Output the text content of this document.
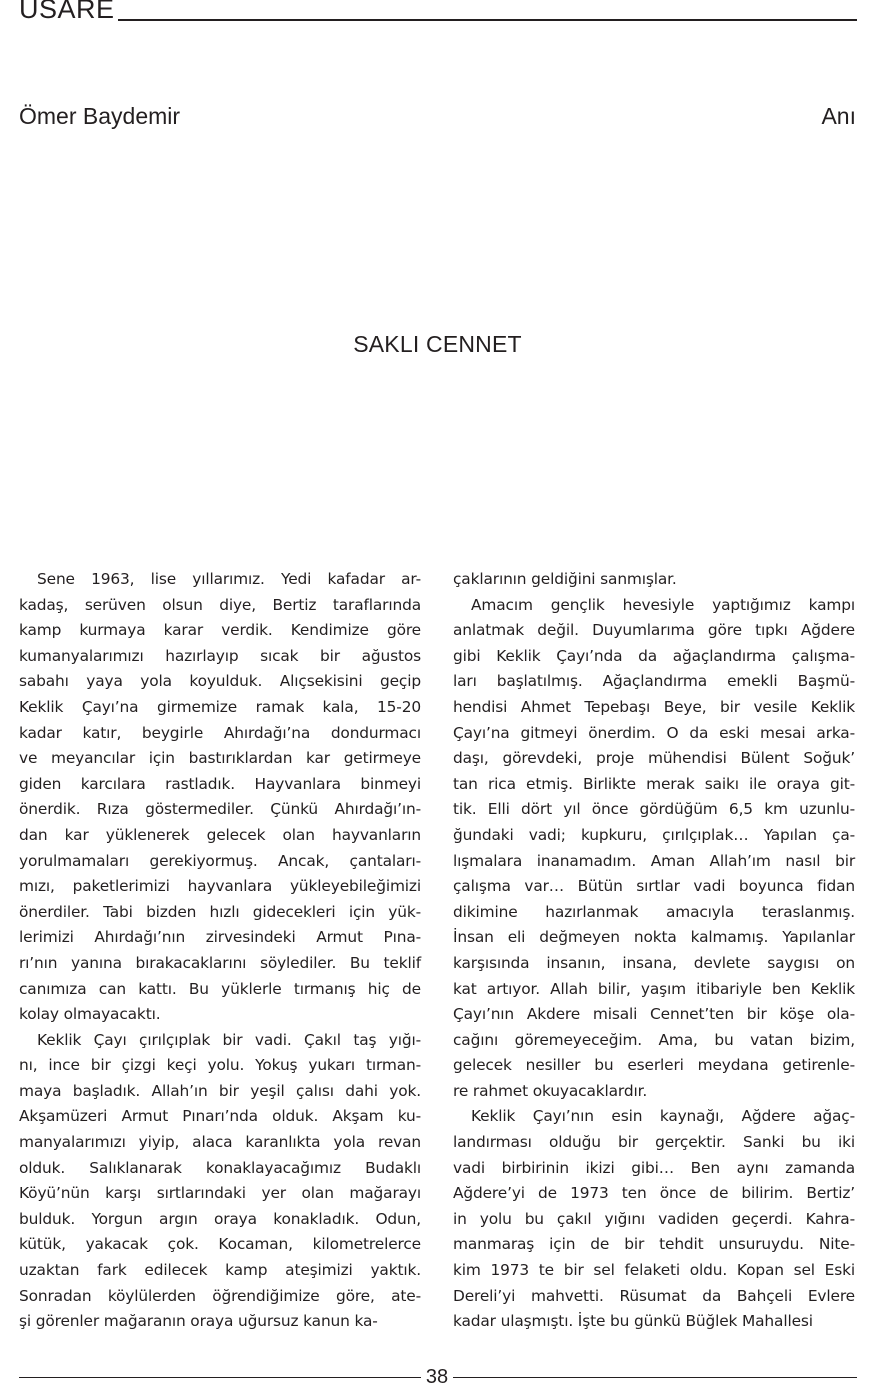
USARE
Ömer Baydemir	Anı
SAKLI CENNET

Sene 1963, lise yıllarımız. Yedi kafadar ar-
kadaş, serüven olsun diye, Bertiz taraflarında
kamp kurmaya karar verdik. Kendimize göre
kumanyalarımızı hazırlayıp sıcak bir ağustos
sabahı yaya yola koyulduk. Alıçsekisini geçip
Keklik Çayı’na girmemize ramak kala, 15-20
kadar katır, beygirle Ahırdağı’na dondurmacı
ve meyancılar için bastırıklardan kar getirmeye
giden karcılara rastladık. Hayvanlara binmeyi
önerdik. Rıza göstermediler. Çünkü Ahırdağı’ın-
dan kar yüklenerek gelecek olan hayvanların
yorulmamaları gerekiyormuş. Ancak, çantaları-
mızı, paketlerimizi hayvanlara yükleyebileğimizi
önerdiler. Tabi bizden hızlı gidecekleri için yük-
lerimizi Ahırdağı’nın zirvesindeki Armut Pına-
rı’nın yanına bırakacaklarını söylediler. Bu teklif
canımıza can kattı. Bu yüklerle tırmanış hiç de
kolay olmayacaktı.

Keklik Çayı çırılçıplak bir vadi. Çakıl taş yığı-
nı, ince bir çizgi keçi yolu. Yokuş yukarı tırman-
maya başladık. Allah’ın bir yeşil çalısı dahi yok.
Akşamüzeri Armut Pınarı’nda olduk. Akşam ku-
manyalarımızı yiyip, alaca karanlıkta yola revan
olduk. Salıklanarak konaklayacağımız Budaklı
Köyü’nün karşı sırtlarındaki yer olan mağarayı
bulduk. Yorgun argın oraya konakladık. Odun,
kütük, yakacak çok. Kocaman, kilometrelerce
uzaktan fark edilecek kamp ateşimizi yaktık.
Sonradan köylülerden öğrendiğimize göre, ate-
şi görenler mağaranın oraya uğursuz kanun ka-

çaklarının geldiğini sanmışlar.

Amacım gençlik hevesiyle yaptığımız kampı
anlatmak değil. Duyumlarıma göre tıpkı Ağdere
gibi Keklik Çayı’nda da ağaçlandırma çalışma-
ları başlatılmış. Ağaçlandırma emekli Başmü-
hendisi Ahmet Tepebaşı Beye, bir vesile Keklik
Çayı’na gitmeyi önerdim. O da eski mesai arka-
daşı, görevdeki, proje mühendisi Bülent Soğuk’
tan rica etmiş. Birlikte merak saikı ile oraya git-
tik. Elli dört yıl önce gördüğüm 6,5 km uzunlu-
ğundaki vadi; kupkuru, çırılçıplak… Yapılan ça-
lışmalara inanamadım. Aman Allah’ım nasıl bir
çalışma var… Bütün sırtlar vadi boyunca fidan
dikimine hazırlanmak amacıyla teraslanmış.
İnsan eli değmeyen nokta kalmamış. Yapılanlar
karşısında insanın, insana, devlete saygısı on
kat artıyor. Allah bilir, yaşım itibariyle ben Keklik
Çayı’nın Akdere misali Cennet’ten bir köşe ola-
cağını göremeyeceğim. Ama, bu vatan bizim,
gelecek nesiller bu eserleri meydana getirenle-
re rahmet okuyacaklardır.

Keklik Çayı’nın esin kaynağı, Ağdere ağaç-
landırması olduğu bir gerçektir. Sanki bu iki
vadi birbirinin ikizi gibi… Ben aynı zamanda
Ağdere’yi de 1973 ten önce de bilirim. Bertiz’
in yolu bu çakıl yığını vadiden geçerdi. Kahra-
manmaraş için de bir tehdit unsuruydu. Nite-
kim 1973 te bir sel felaketi oldu. Kopan sel Eski
Dereli’yi mahvetti. Rüsumat da Bahçeli Evlere
kadar ulaşmıştı. İşte bu günkü Büğlek Mahallesi

38
